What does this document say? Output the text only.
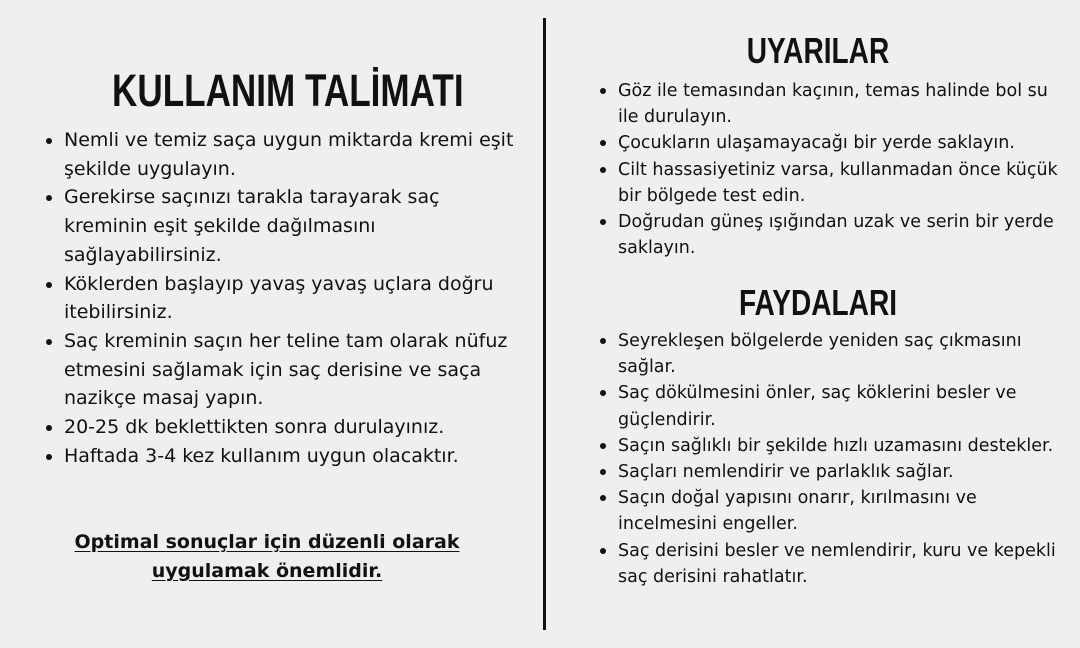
KULLANIM TALİMATI
Nemli ve temiz saça uygun miktarda kremi eşit şekilde uygulayın.
Gerekirse saçınızı tarakla tarayarak saç kreminin eşit şekilde dağılmasını sağlayabilirsiniz.
Köklerden başlayıp yavaş yavaş uçlara doğru itebilirsiniz.
Saç kreminin saçın her teline tam olarak nüfuz etmesini sağlamak için saç derisine ve saça nazikçe masaj yapın.
20-25 dk beklettikten sonra durulayınız.
Haftada 3-4 kez kullanım uygun olacaktır.

Optimal sonuçlar için düzenli olarak uygulamak önemlidir.

UYARILAR
Göz ile temasından kaçının, temas halinde bol su ile durulayın.
Çocukların ulaşamayacağı bir yerde saklayın.
Cilt hassasiyetiniz varsa, kullanmadan önce küçük bir bölgede test edin.
Doğrudan güneş ışığından uzak ve serin bir yerde saklayın.
FAYDALARI
Seyrekleşen bölgelerde yeniden saç çıkmasını sağlar.
Saç dökülmesini önler, saç köklerini besler ve güçlendirir.
Saçın sağlıklı bir şekilde hızlı uzamasını destekler.
Saçları nemlendirir ve parlaklık sağlar.
Saçın doğal yapısını onarır, kırılmasını ve incelmesini engeller.
Saç derisini besler ve nemlendirir, kuru ve kepekli saç derisini rahatlatır.
